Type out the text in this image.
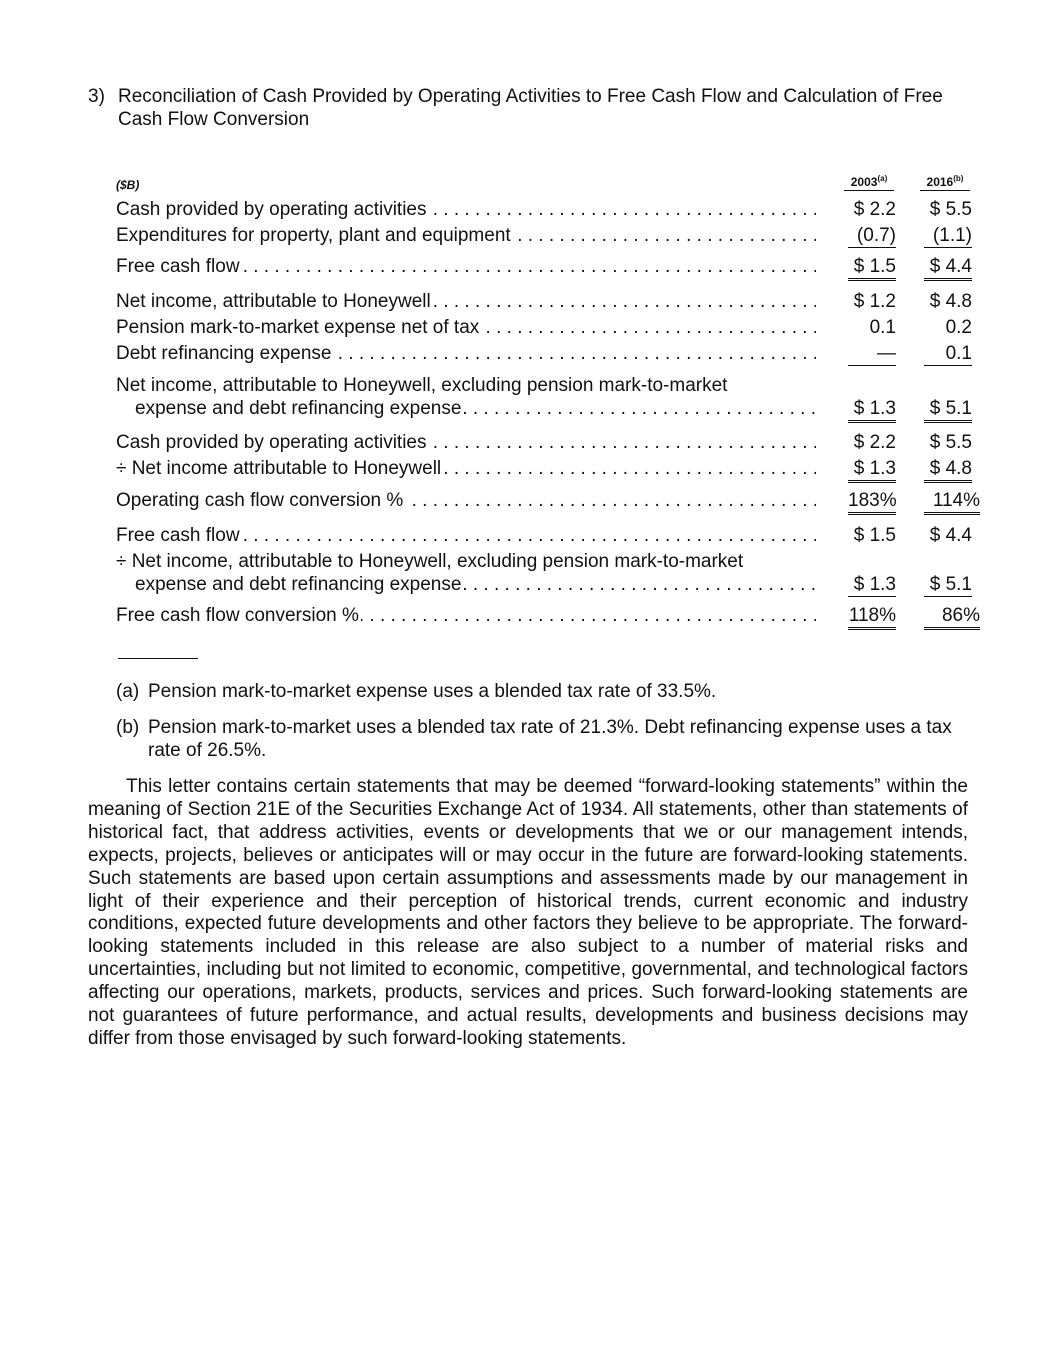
3) Reconciliation of Cash Provided by Operating Activities to Free Cash Flow and Calculation of Free Cash Flow Conversion
($B)	2003$^{(a)}$	2016$^{(b)}$
Cash provided by operating activities . . .	$ 2.2	$ 5.5
Expenditures for property, plant and equipment . . .	(0.7)	(1.1)
Free cash flow . . .	$ 1.5	$ 4.4
Net income, attributable to Honeywell . . .	$ 1.2	$ 4.8
Pension mark-to-market expense net of tax . . .	0.1	0.2
Debt refinancing expense . . .	—	0.1
Net income, attributable to Honeywell, excluding pension mark-to-market
expense and debt refinancing expense . . .	$ 1.3	$ 5.1
Cash provided by operating activities . . .	$ 2.2	$ 5.5
÷ Net income attributable to Honeywell . . .	$ 1.3	$ 4.8
Operating cash flow conversion % . . .	183%	114%
Free cash flow . . .	$ 1.5	$ 4.4
÷ Net income, attributable to Honeywell, excluding pension mark-to-market
expense and debt refinancing expense . . .	$ 1.3	$ 5.1
Free cash flow conversion % . . .	118%	86%
(a) Pension mark-to-market expense uses a blended tax rate of 33.5%.
(b) Pension mark-to-market uses a blended tax rate of 21.3%. Debt refinancing expense uses a tax rate of 26.5%.
This letter contains certain statements that may be deemed “forward-looking statements” within the meaning of Section 21E of the Securities Exchange Act of 1934. All statements, other than statements of historical fact, that address activities, events or developments that we or our management intends, expects, projects, believes or anticipates will or may occur in the future are forward-looking statements. Such statements are based upon certain assumptions and assessments made by our management in light of their experience and their perception of historical trends, current economic and industry conditions, expected future developments and other factors they believe to be appropriate. The forward-looking statements included in this release are also subject to a number of material risks and uncertainties, including but not limited to economic, competitive, governmental, and technological factors affecting our operations, markets, products, services and prices. Such forward-looking statements are not guarantees of future performance, and actual results, developments and business decisions may differ from those envisaged by such forward-looking statements.
